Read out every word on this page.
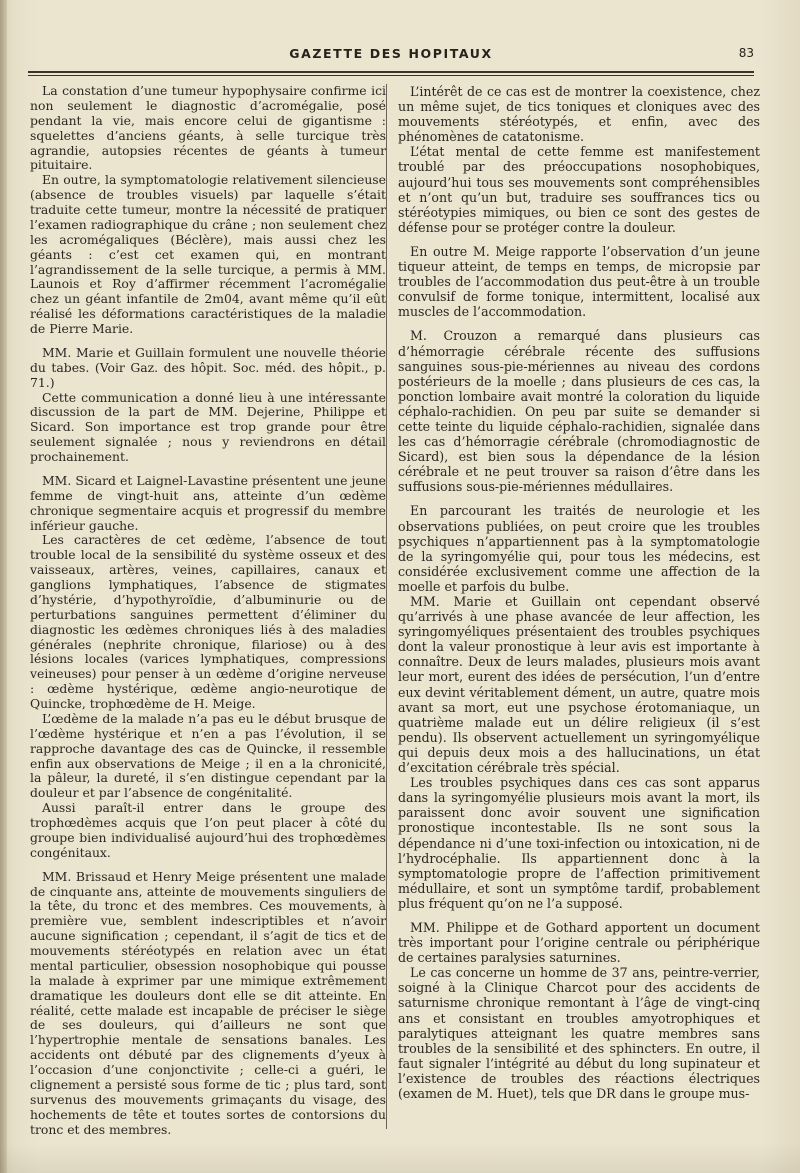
GAZETTE DES HOPITAUX	83

La constation d’une tumeur hypophysaire confirme ici non seulement le diagnostic d’acromégalie, posé pendant la vie, mais encore celui de gigantisme : squelettes d’anciens géants, à selle turcique très agrandie, autopsies récentes de géants à tumeur pituitaire.

En outre, la symptomatologie relativement silencieuse (absence de troubles visuels) par laquelle s’était traduite cette tumeur, montre la nécessité de pratiquer l’examen radiographique du crâne ; non seulement chez les acromégaliques (Béclère), mais aussi chez les géants : c’est cet examen qui, en montrant l’agrandissement de la selle turcique, a permis à MM. Launois et Roy d’affirmer récemment l’acromégalie chez un géant infantile de 2m04, avant même qu’il eût réalisé les déformations caractéristiques de la maladie de Pierre Marie.

MM. Marie et Guillain formulent une nouvelle théorie du tabes. (Voir Gaz. des hôpit. Soc. méd. des hôpit., p. 71.)

Cette communication a donné lieu à une intéressante discussion de la part de MM. Dejerine, Philippe et Sicard. Son importance est trop grande pour être seulement signalée ; nous y reviendrons en détail prochainement.

MM. Sicard et Laignel-Lavastine présentent une jeune femme de vingt-huit ans, atteinte d’un œdème chronique segmentaire acquis et progressif du membre inférieur gauche.

Les caractères de cet œdème, l’absence de tout trouble local de la sensibilité du système osseux et des vaisseaux, artères, veines, capillaires, canaux et ganglions lymphatiques, l’absence de stigmates d’hystérie, d’hypothyroïdie, d’albuminurie ou de perturbations sanguines permettent d’éliminer du diagnostic les œdèmes chroniques liés à des maladies générales (nephrite chronique, filariose) ou à des lésions locales (varices lymphatiques, compressions veineuses) pour penser à un œdème d’origine nerveuse : œdème hystérique, œdème angio-neurotique de Quincke, trophœdème de H. Meige.

L’œdème de la malade n’a pas eu le début brusque de l’œdème hystérique et n’en a pas l’évolution, il se rapproche davantage des cas de Quincke, il ressemble enfin aux observations de Meige ; il en a la chronicité, la pâleur, la dureté, il s’en distingue cependant par la douleur et par l’absence de congénitalité.

Aussi paraît-il entrer dans le groupe des trophœdèmes acquis que l’on peut placer à côté du groupe bien individualisé aujourd’hui des trophœdèmes congénitaux.

MM. Brissaud et Henry Meige présentent une malade de cinquante ans, atteinte de mouvements singuliers de la tête, du tronc et des membres. Ces mouvements, à première vue, semblent indescriptibles et n’avoir aucune signification ; cependant, il s’agit de tics et de mouvements stéréotypés en relation avec un état mental particulier, obsession nosophobique qui pousse la malade à exprimer par une mimique extrêmement dramatique les douleurs dont elle se dit atteinte. En réalité, cette malade est incapable de préciser le siège de ses douleurs, qui d’ailleurs ne sont que l’hypertrophie mentale de sensations banales. Les accidents ont débuté par des clignements d’yeux à l’occasion d’une conjonctivite ; celle-ci a guéri, le clignement a persisté sous forme de tic ; plus tard, sont survenus des mouvements grimaçants du visage, des hochements de tête et toutes sortes de contorsions du tronc et des membres.

L’intérêt de ce cas est de montrer la coexistence, chez un même sujet, de tics toniques et cloniques avec des mouvements stéréotypés, et enfin, avec des phénomènes de catatonisme.

L’état mental de cette femme est manifestement troublé par des préoccupations nosophobiques, aujourd’hui tous ses mouvements sont compréhensibles et n’ont qu’un but, traduire ses souffrances tics ou stéréotypies mimiques, ou bien ce sont des gestes de défense pour se protéger contre la douleur.

En outre M. Meige rapporte l’observation d’un jeune tiqueur atteint, de temps en temps, de micropsie par troubles de l’accommodation dus peut-être à un trouble convulsif de forme tonique, intermittent, localisé aux muscles de l’accommodation.

M. Crouzon a remarqué dans plusieurs cas d’hémorragie cérébrale récente des suffusions sanguines sous-pie-mériennes au niveau des cordons postérieurs de la moelle ; dans plusieurs de ces cas, la ponction lombaire avait montré la coloration du liquide céphalo-rachidien. On peu par suite se demander si cette teinte du liquide céphalo-rachidien, signalée dans les cas d’hémorragie cérébrale (chromodiagnostic de Sicard), est bien sous la dépendance de la lésion cérébrale et ne peut trouver sa raison d’être dans les suffusions sous-pie-mériennes médullaires.

En parcourant les traités de neurologie et les observations publiées, on peut croire que les troubles psychiques n’appartiennent pas à la symptomatologie de la syringomyélie qui, pour tous les médecins, est considérée exclusivement comme une affection de la moelle et parfois du bulbe.

MM. Marie et Guillain ont cependant observé qu’arrivés à une phase avancée de leur affection, les syringomyéliques présentaient des troubles psychiques dont la valeur pronostique à leur avis est importante à connaître. Deux de leurs malades, plusieurs mois avant leur mort, eurent des idées de persécution, l’un d’entre eux devint véritablement dément, un autre, quatre mois avant sa mort, eut une psychose érotomaniaque, un quatrième malade eut un délire religieux (il s’est pendu). Ils observent actuellement un syringomyélique qui depuis deux mois a des hallucinations, un état d’excitation cérébrale très spécial.

Les troubles psychiques dans ces cas sont apparus dans la syringomyélie plusieurs mois avant la mort, ils paraissent donc avoir souvent une signification pronostique incontestable. Ils ne sont sous la dépendance ni d’une toxi-infection ou intoxication, ni de l’hydrocéphalie. Ils appartiennent donc à la symptomatologie propre de l’affection primitivement médullaire, et sont un symptôme tardif, probablement plus fréquent qu’on ne l’a supposé.

MM. Philippe et de Gothard apportent un document très important pour l’origine centrale ou périphérique de certaines paralysies saturnines.

Le cas concerne un homme de 37 ans, peintre-verrier, soigné à la Clinique Charcot pour des accidents de saturnisme chronique remontant à l’âge de vingt-cinq ans et consistant en troubles amyotrophiques et paralytiques atteignant les quatre membres sans troubles de la sensibilité et des sphincters. En outre, il faut signaler l’intégrité au début du long supinateur et l’existence de troubles des réactions électriques (examen de M. Huet), tels que DR dans le groupe mus-
